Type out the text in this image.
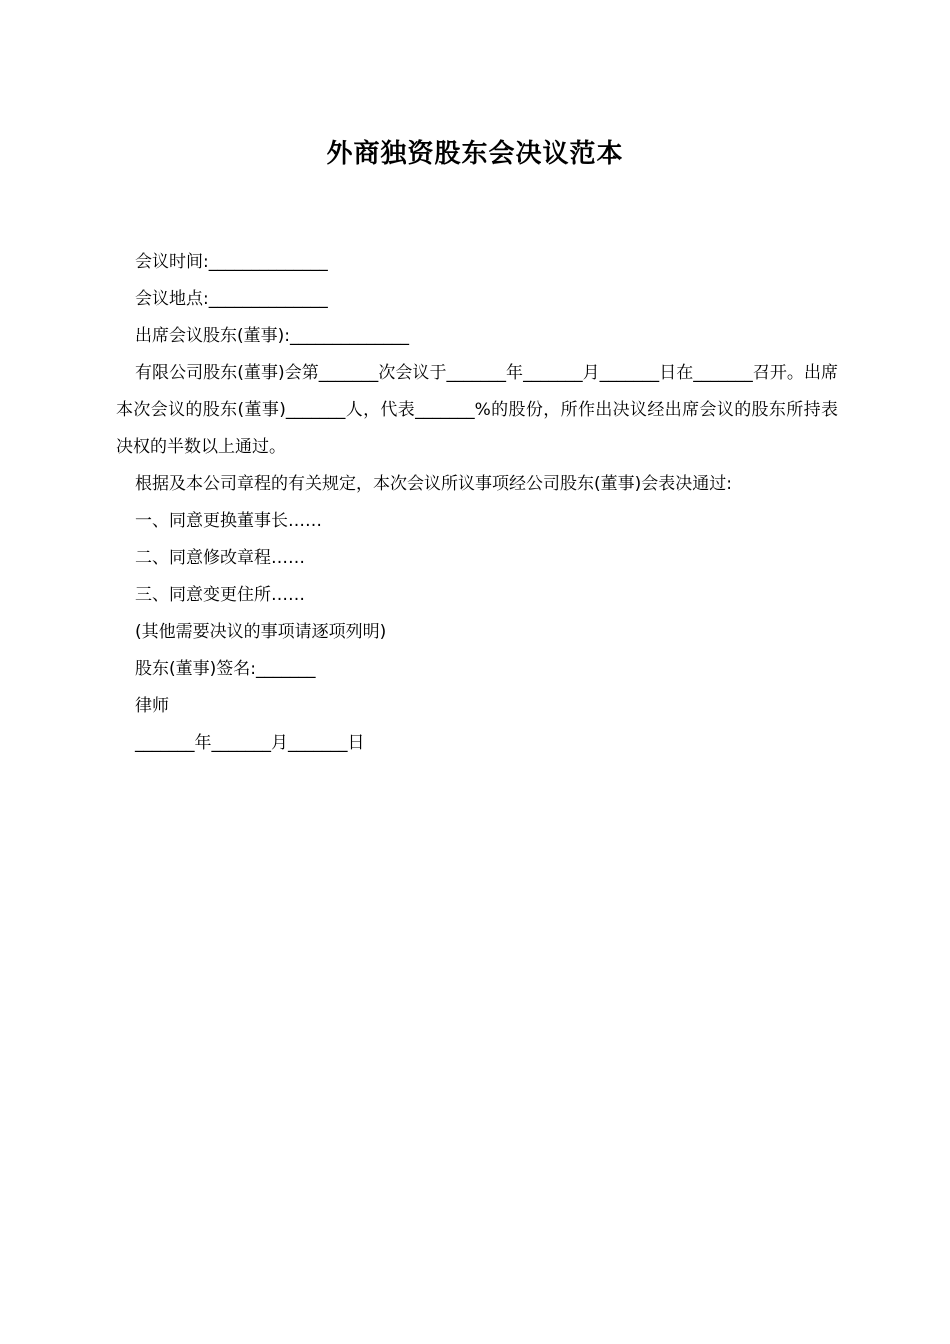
外商独资股东会决议范本

会议时间:______________

会议地点:______________

出席会议股东(董事):______________

有限公司股东(董事)会第_______次会议于_______年_______月_______日在_______召开。出席本次会议的股东(董事)_______人，代表_______%的股份，所作出决议经出席会议的股东所持表决权的半数以上通过。

根据及本公司章程的有关规定，本次会议所议事项经公司股东(董事)会表决通过:

一、同意更换董事长……

二、同意修改章程……

三、同意变更住所……

(其他需要决议的事项请逐项列明)

股东(董事)签名:_______

律师

_______年_______月_______日
